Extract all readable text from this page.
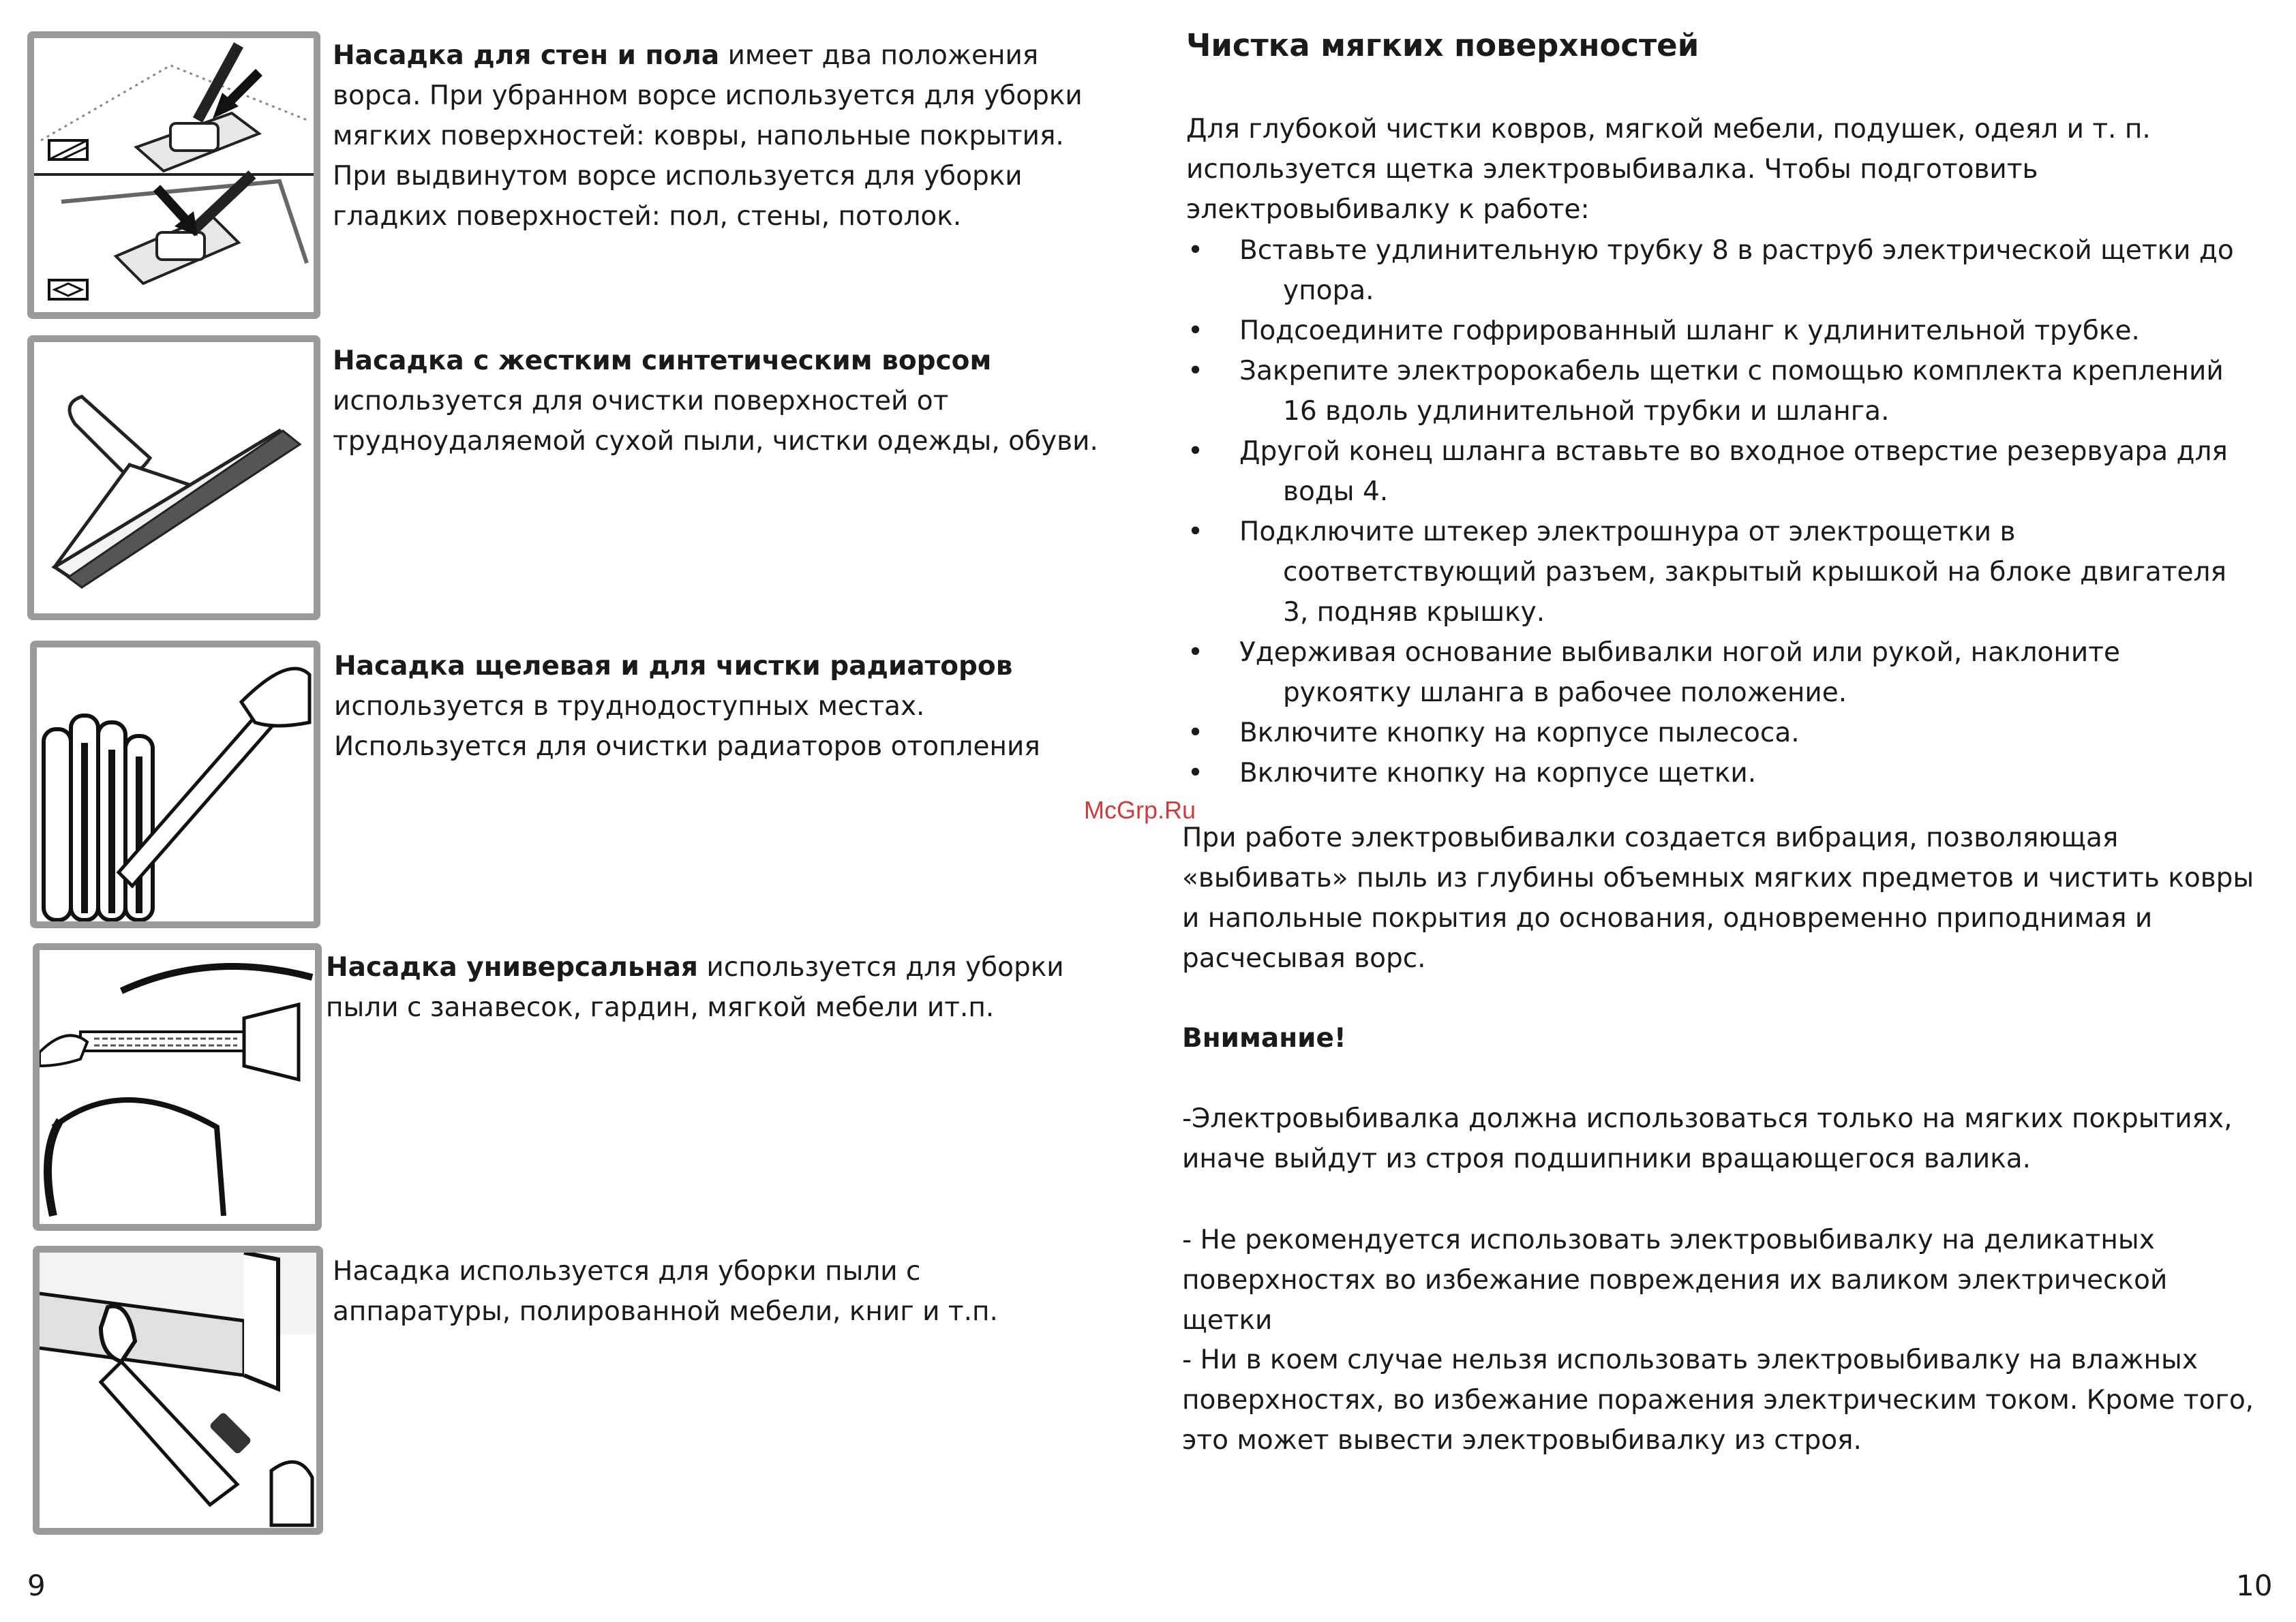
Насадка для стен и пола имеет два положения ворса. При убранном ворсе используется для уборки мягких поверхностей: ковры, напольные покрытия. При выдвинутом ворсе используется для уборки гладких поверхностей: пол, стены, потолок.
Насадка с жестким синтетическим ворсом используется для очистки поверхностей от трудноудаляемой сухой пыли, чистки одежды, обуви.
Насадка щелевая и для чистки радиаторов используется в труднодоступных местах. Используется для очистки радиаторов отопления
Насадка универсальная используется для уборки пыли с занавесок, гардин, мягкой мебели ит.п.
Насадка используется для уборки пыли с аппаратуры, полированной мебели, книг и т.п.
9
Чистка мягких поверхностей
Для глубокой чистки ковров, мягкой мебели, подушек, одеял и т. п. используется щетка электровыбивалка. Чтобы подготовить электровыбивалку к работе:
• Вставьте удлинительную трубку 8 в раструб электрической щетки до упора.
• Подсоедините гофрированный шланг к удлинительной трубке.
• Закрепите электророкабель щетки с помощью комплекта креплений 16 вдоль удлинительной трубки и шланга.
• Другой конец шланга вставьте во входное отверстие резервуара для воды 4.
• Подключите штекер электрошнура от электрощетки в соответствующий разъем, закрытый крышкой на блоке двигателя 3, подняв крышку.
• Удерживая основание выбивалки ногой или рукой, наклоните рукоятку шланга в рабочее положение.
• Включите кнопку на корпусе пылесоса.
• Включите кнопку на корпусе щетки.
McGrp.Ru
При работе электровыбивалки создается вибрация, позволяющая «выбивать» пыль из глубины объемных мягких предметов и чистить ковры и напольные покрытия до основания, одновременно приподнимая и расчесывая ворс.
Внимание!
-Электровыбивалка должна использоваться только на мягких покрытиях, иначе выйдут из строя подшипники вращающегося валика.
- Не рекомендуется использовать электровыбивалку на деликатных поверхностях во избежание повреждения их валиком электрической щетки
- Ни в коем случае нельзя использовать электровыбивалку на влажных поверхностях, во избежание поражения электрическим током. Кроме того, это может вывести электровыбивалку из строя.
10
